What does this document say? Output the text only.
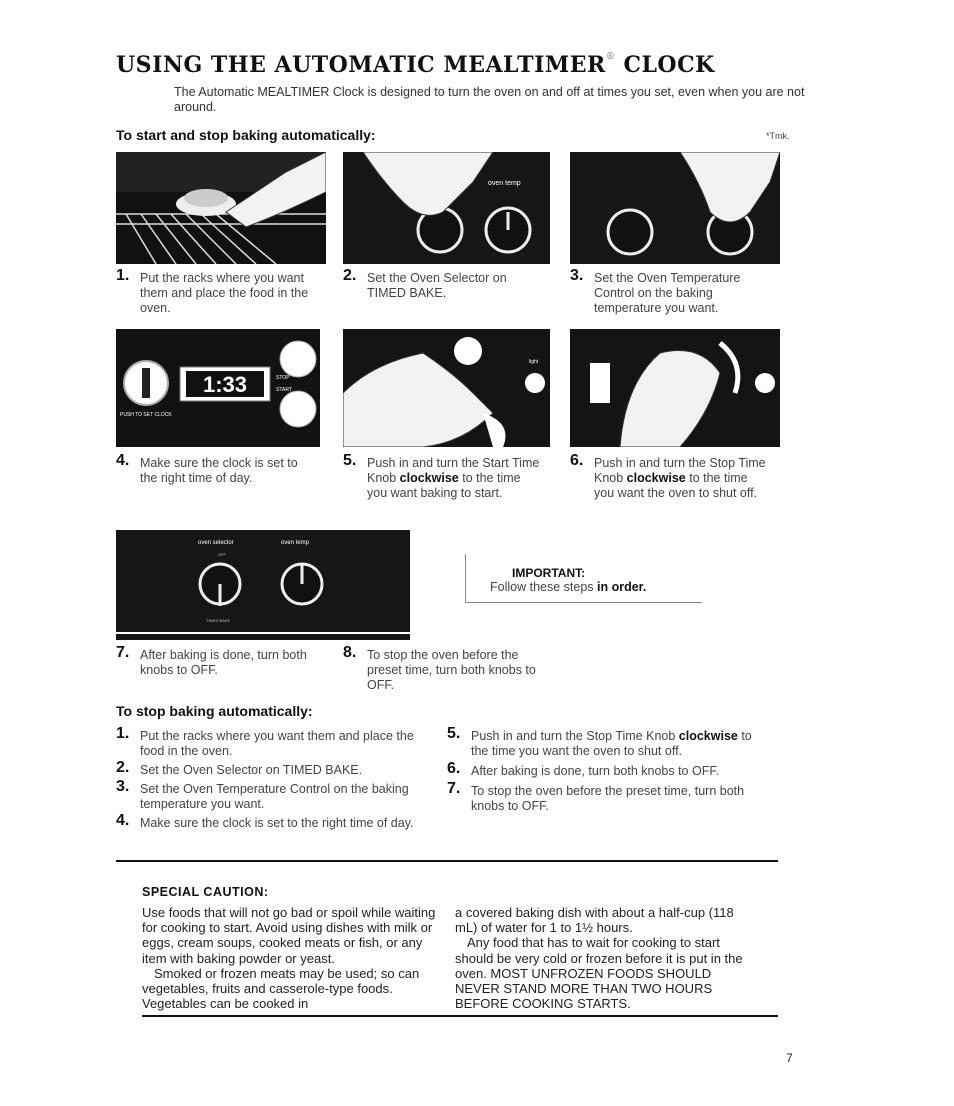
USING THE AUTOMATIC MEALTIMER® CLOCK
The Automatic MEALTIMER Clock is designed to turn the oven on and off at times you set, even when you are not around.
To start and stop baking automatically:	*Tmk.
oven temp
1. Put the racks where you want them and place the food in the oven.
2. Set the Oven Selector on TIMED BAKE.
3. Set the Oven Temperature Control on the baking temperature you want.
1:33	STOP
START
PUSH TO SET CLOCK
light
4. Make sure the clock is set to the right time of day.
5. Push in and turn the Start Time Knob clockwise to the time you want baking to start.
6. Push in and turn the Stop Time Knob clockwise to the time you want the oven to shut off.
oven selector	oven temp
OFF
TIMED BAKE
IMPORTANT:
Follow these steps in order.
7. After baking is done, turn both knobs to OFF.
8. To stop the oven before the preset time, turn both knobs to OFF.
To stop baking automatically:
1. Put the racks where you want them and place the food in the oven.
2. Set the Oven Selector on TIMED BAKE.
3. Set the Oven Temperature Control on the baking temperature you want.
4. Make sure the clock is set to the right time of day.
5. Push in and turn the Stop Time Knob clockwise to the time you want the oven to shut off.
6. After baking is done, turn both knobs to OFF.
7. To stop the oven before the preset time, turn both knobs to OFF.
SPECIAL CAUTION:

Use foods that will not go bad or spoil while waiting for cooking to start. Avoid using dishes with milk or eggs, cream soups, cooked meats or fish, or any item with baking powder or yeast.

Smoked or frozen meats may be used; so can vegetables, fruits and casserole-type foods. Vegetables can be cooked in

a covered baking dish with about a half-cup (118 mL) of water for 1 to 1½ hours.

Any food that has to wait for cooking to start should be very cold or frozen before it is put in the oven. MOST UNFROZEN FOODS SHOULD NEVER STAND MORE THAN TWO HOURS BEFORE COOKING STARTS.

7
